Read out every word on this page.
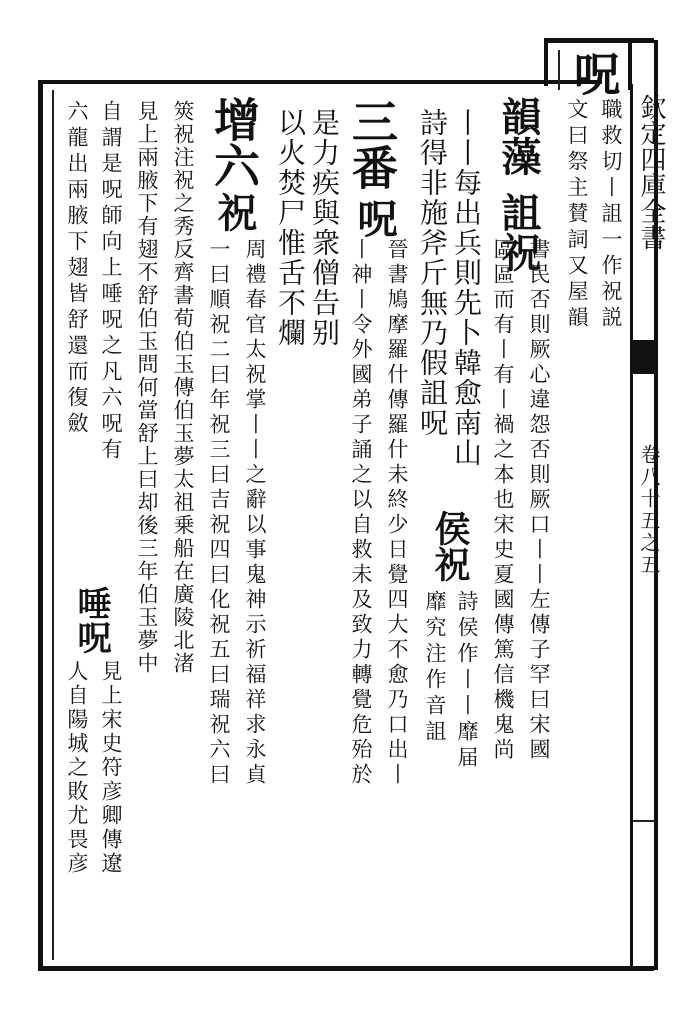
呪
欽定四庫全書
卷八十五之五
職救切丨詛一作祝説
文曰祭主賛詞又屋韻
韻藻
詛祝
書民否則厥心違怨否則厥口丨丨左傳子罕曰宋國
區區而有丨有丨禍之本也宋史夏國傳篤信機鬼尚
丨丨每出兵則先卜韓愈南山
詩得非施斧斤無乃假詛呪
侯祝
詩侯作丨丨靡届
靡究注作音詛
三番
呪
晉書鳩摩羅什傳羅什未終少日覺四大不愈乃口出丨
丨神丨令外國弟子誦之以自救未及致力轉覺危殆於
是力疾與衆僧告别
以火焚尸惟舌不爛
增六
祝
周禮春官太祝掌丨丨之辭以事鬼神示祈福祥求永貞
一曰順祝二曰年祝三曰吉祝四曰化祝五曰瑞祝六曰
筴祝注祝之秀反齊書荀伯玉傳伯玉夢太祖乗船在廣陵北渚
見上兩腋下有翅不舒伯玉問何當舒上曰却後三年伯玉夢中
自謂是呪師向上唾呪之凡六呪有
六龍出兩腋下翅皆舒還而復斂
唾呪
見上宋史符彦卿傳遼
人自陽城之敗尤畏彦
